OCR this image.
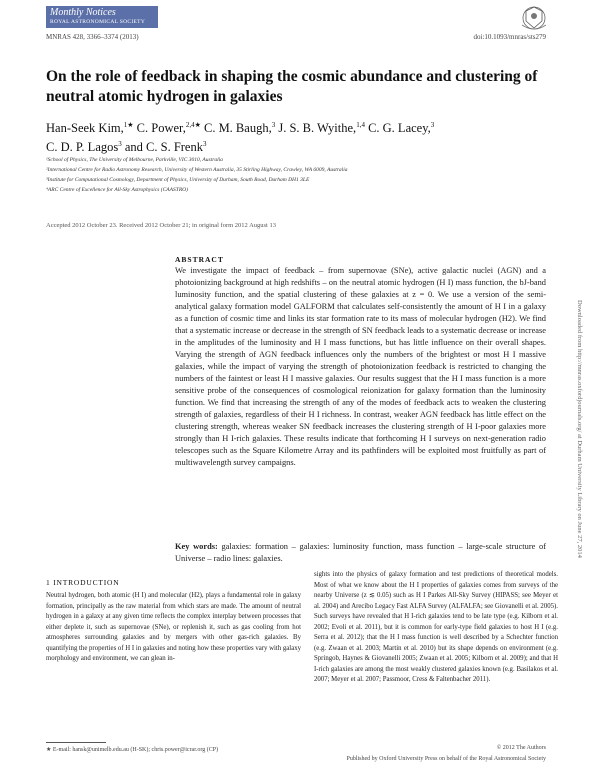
Monthly Notices
ROYAL ASTRONOMICAL SOCIETY
MNRAS 428, 3366–3374 (2013)	doi:10.1093/mnras/sts279
On the role of feedback in shaping the cosmic abundance and clustering of neutral atomic hydrogen in galaxies
Han-Seek Kim,$^{1★}$ C. Power,$^{2,4★}$ C. M. Baugh,$^3$ J. S. B. Wyithe,$^{1,4}$ C. G. Lacey,$^3$
C. D. P. Lagos$^3$ and C. S. Frenk$^3$
¹School of Physics, The University of Melbourne, Parkville, VIC 3010, Australia
²International Centre for Radio Astronomy Research, University of Western Australia, 35 Stirling Highway, Crawley, WA 6009, Australia
³Institute for Computational Cosmology, Department of Physics, University of Durham, South Road, Durham DH1 3LE
⁴ARC Centre of Excellence for All-Sky Astrophysics (CAASTRO)
Accepted 2012 October 23. Received 2012 October 21; in original form 2012 August 13
ABSTRACT
We investigate the impact of feedback – from supernovae (SNe), active galactic nuclei (AGN) and a photoionizing background at high redshifts – on the neutral atomic hydrogen (H I) mass function, the bJ-band luminosity function, and the spatial clustering of these galaxies at z = 0. We use a version of the semi-analytical galaxy formation model GALFORM that calculates self-consistently the amount of H I in a galaxy as a function of cosmic time and links its star formation rate to its mass of molecular hydrogen (H2). We find that a systematic increase or decrease in the strength of SN feedback leads to a systematic decrease or increase in the amplitudes of the luminosity and H I mass functions, but has little influence on their overall shapes. Varying the strength of AGN feedback influences only the numbers of the brightest or most H I massive galaxies, while the impact of varying the strength of photoionization feedback is restricted to changing the numbers of the faintest or least H I massive galaxies. Our results suggest that the H I mass function is a more sensitive probe of the consequences of cosmological reionization for galaxy formation than the luminosity function. We find that increasing the strength of any of the modes of feedback acts to weaken the clustering strength of galaxies, regardless of their H I richness. In contrast, weaker AGN feedback has little effect on the clustering strength, whereas weaker SN feedback increases the clustering strength of H I-poor galaxies more strongly than H I-rich galaxies. These results indicate that forthcoming H I surveys on next-generation radio telescopes such as the Square Kilometre Array and its pathfinders will be exploited most fruitfully as part of multiwavelength survey campaigns.
Key words: galaxies: formation – galaxies: luminosity function, mass function – large-scale structure of Universe – radio lines: galaxies.
Downloaded from http://mnras.oxfordjournals.org/ at Durham University Library on June 27, 2014
1 INTRODUCTION
Neutral hydrogen, both atomic (H I) and molecular (H2), plays a fundamental role in galaxy formation, principally as the raw material from which stars are made. The amount of neutral hydrogen in a galaxy at any given time reflects the complex interplay between processes that either deplete it, such as supernovae (SNe), or replenish it, such as gas cooling from hot atmospheres surrounding galaxies and by mergers with other gas-rich galaxies. By quantifying the properties of H I in galaxies and noting how these properties vary with galaxy morphology and environment, we can glean in-
sights into the physics of galaxy formation and test predictions of theoretical models. Most of what we know about the H I properties of galaxies comes from surveys of the nearby Universe (z ≲ 0.05) such as H I Parkes All-Sky Survey (HIPASS; see Meyer et al. 2004) and Arecibo Legacy Fast ALFA Survey (ALFALFA; see Giovanelli et al. 2005). Such surveys have revealed that H I-rich galaxies tend to be late type (e.g. Kilborn et al. 2002; Evoli et al. 2011), but it is common for early-type field galaxies to host H I (e.g. Serra et al. 2012); that the H I mass function is well described by a Schechter function (e.g. Zwaan et al. 2003; Martin et al. 2010) but its shape depends on environment (e.g. Springob, Haynes & Giovanelli 2005; Zwaan et al. 2005; Kilborn et al. 2009); and that H I-rich galaxies are among the most weakly clustered galaxies known (e.g. Basilakos et al. 2007; Meyer et al. 2007; Passmoor, Cress & Faltenbacher 2011).
★ E-mail: hansk@unimelb.edu.au (H-SK); chris.power@icrar.org (CP)	© 2012 The Authors
Published by Oxford University Press on behalf of the Royal Astronomical Society
